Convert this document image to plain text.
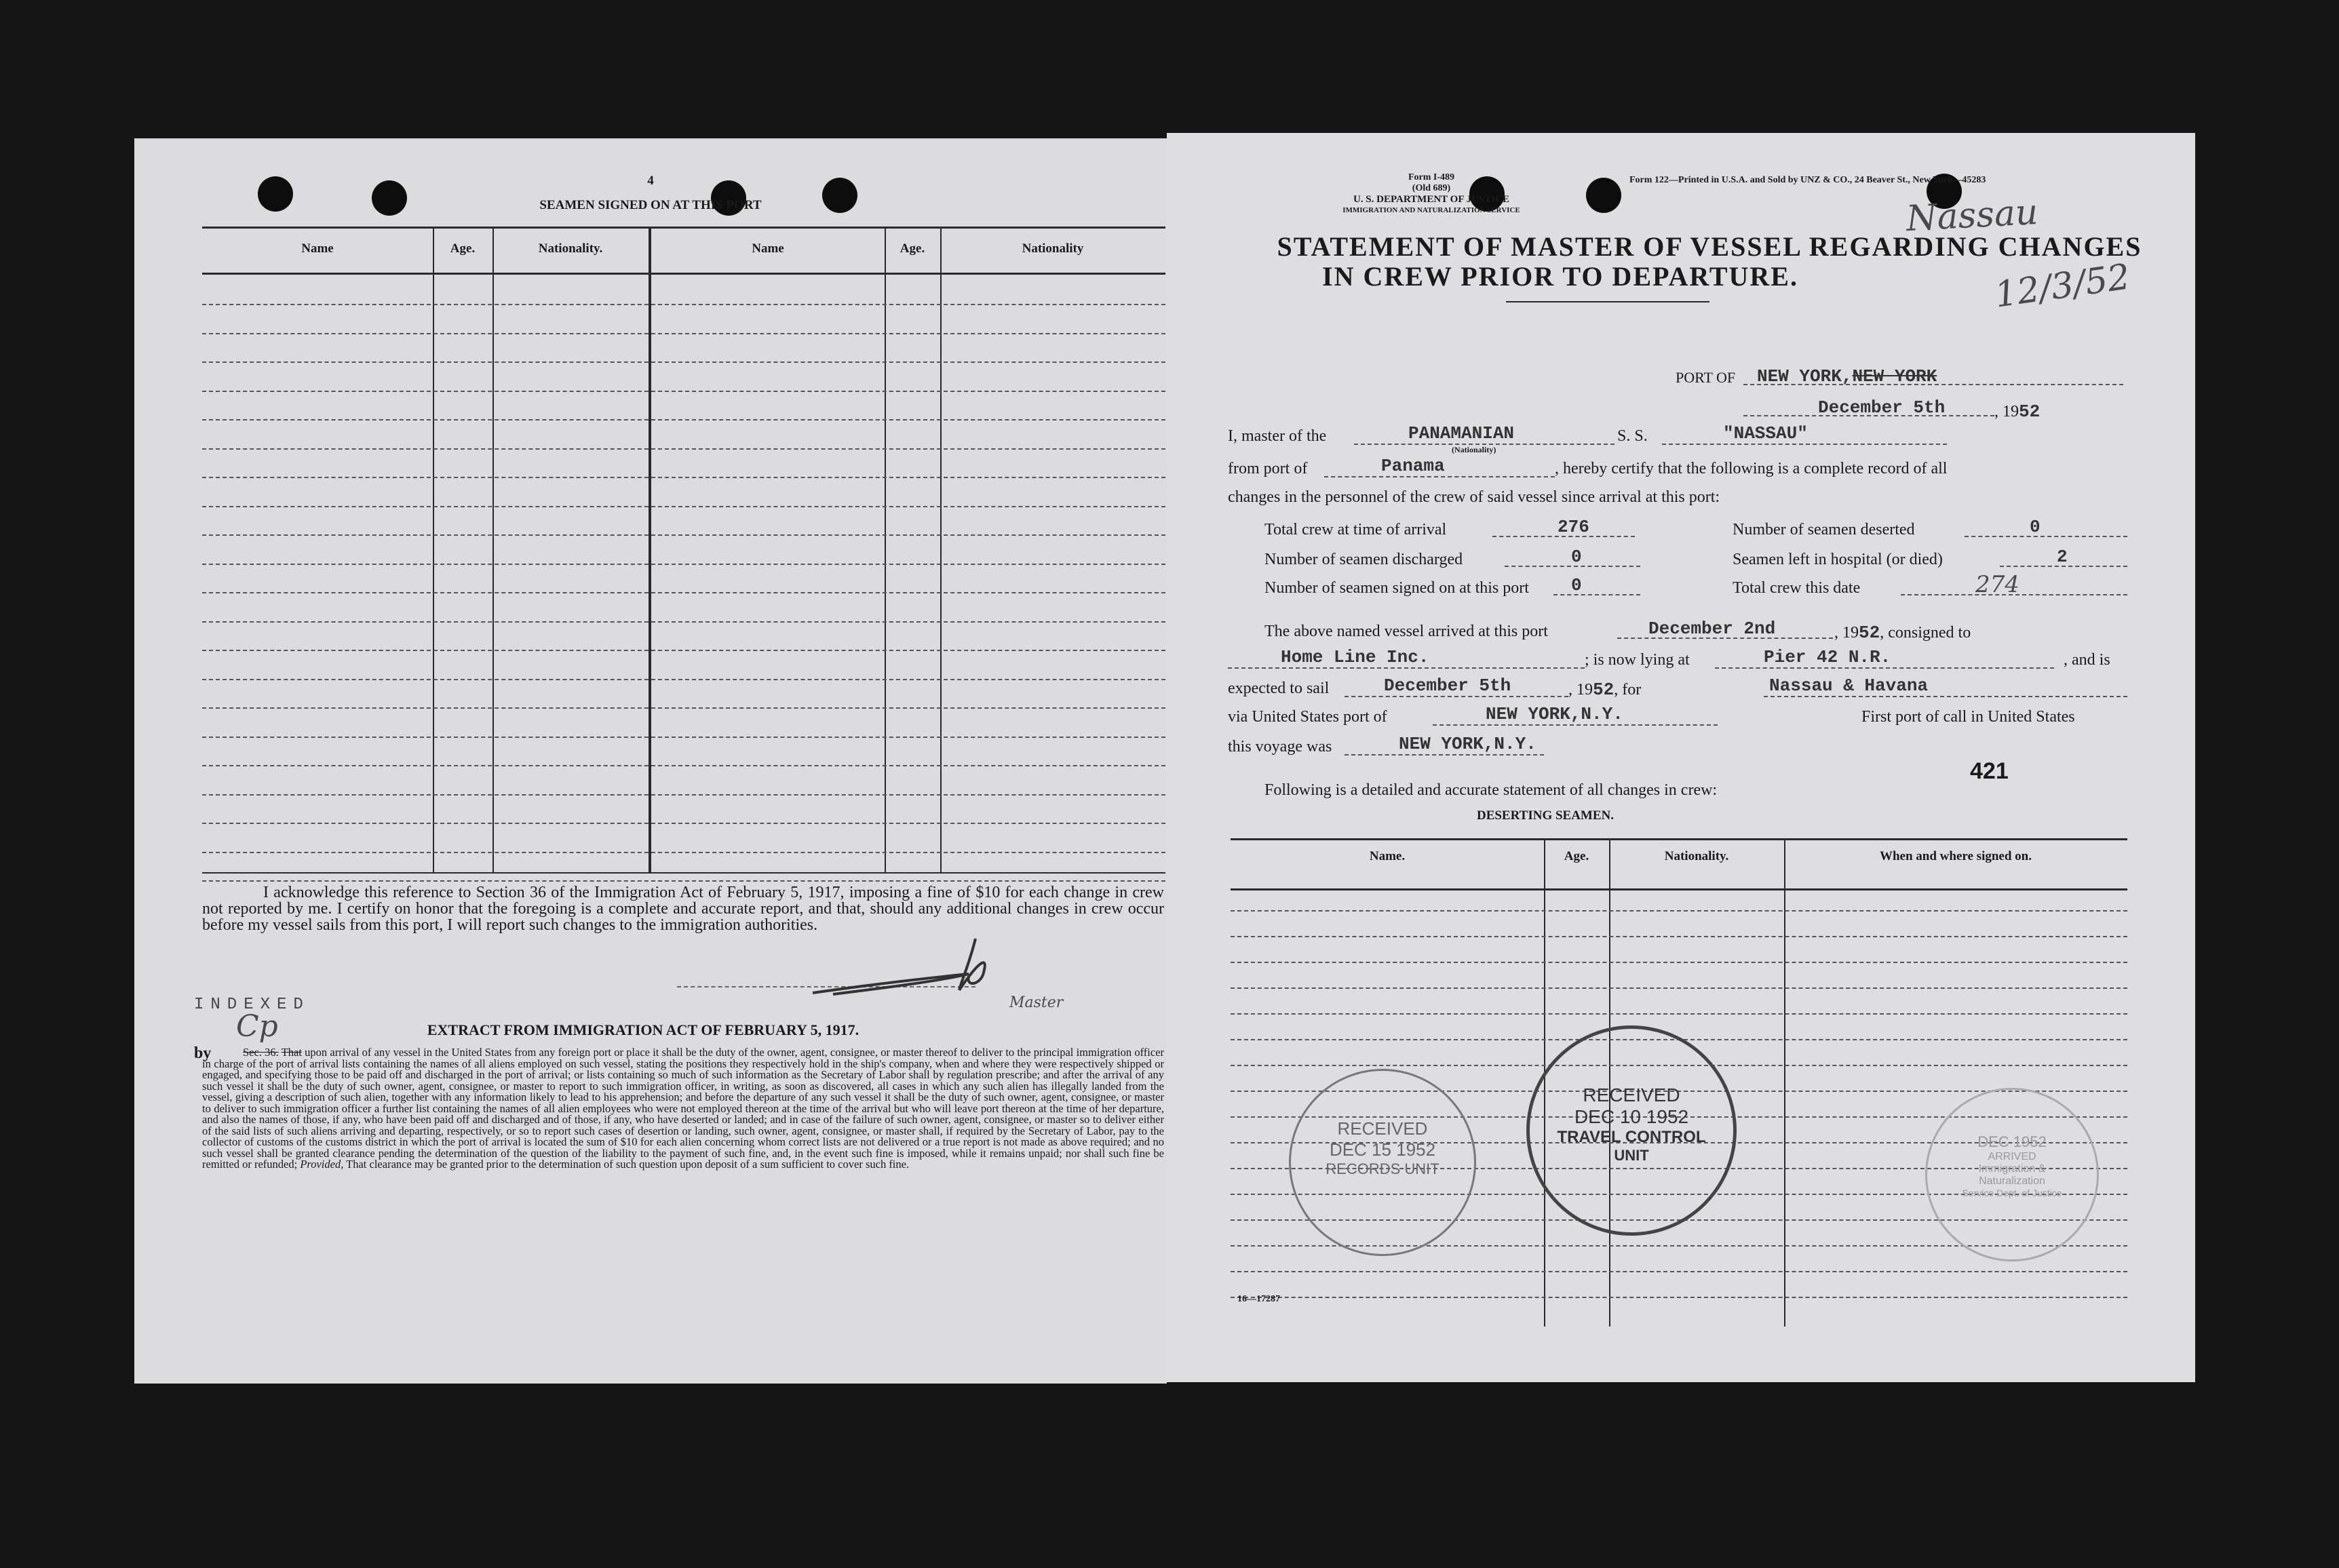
4
SEAMEN SIGNED ON AT THIS PORT
Name	Age.	Nationality.	Name	Age.	Nationality
I acknowledge this reference to Section 36 of the Immigration Act of February 5, 1917, imposing a fine of $10 for each change in crew not reported by me. I certify on honor that the foregoing is a complete and accurate report, and that, should any additional changes in crew occur before my vessel sails from this port, I will report such changes to the immigration authorities.
Master
INDEXED
by
Cp	EXTRACT FROM IMMIGRATION ACT OF FEBRUARY 5, 1917.
Sec. 36. That upon arrival of any vessel in the United States from any foreign port or place it shall be the duty of the owner, agent, consignee, or master thereof to deliver to the principal immigration officer in charge of the port of arrival lists containing the names of all aliens employed on such vessel, stating the positions they respectively hold in the ship's company, when and where they were respectively shipped or engaged, and specifying those to be paid off and discharged in the port of arrival; or lists containing so much of such information as the Secretary of Labor shall by regulation prescribe; and after the arrival of any such vessel it shall be the duty of such owner, agent, consignee, or master to report to such immigration officer, in writing, as soon as discovered, all cases in which any such alien has illegally landed from the vessel, giving a description of such alien, together with any information likely to lead to his apprehension; and before the departure of any such vessel it shall be the duty of such owner, agent, consignee, or master to deliver to such immigration officer a further list containing the names of all alien employees who were not employed thereon at the time of the arrival but who will leave port thereon at the time of her departure, and also the names of those, if any, who have been paid off and discharged and of those, if any, who have deserted or landed; and in case of the failure of such owner, agent, consignee, or master so to deliver either of the said lists of such aliens arriving and departing, respectively, or so to report such cases of desertion or landing, such owner, agent, consignee, or master shall, if required by the Secretary of Labor, pay to the collector of customs of the customs district in which the port of arrival is located the sum of $10 for each alien concerning whom correct lists are not delivered or a true report is not made as above required; and no such vessel shall be granted clearance pending the determination of the question of the liability to the payment of such fine, and, in the event such fine is imposed, while it remains unpaid; nor shall such fine be remitted or refunded; Provided, That clearance may be granted prior to the determination of such question upon deposit of a sum sufficient to cover such fine.
Form I-489
(Old 689)
U. S. DEPARTMENT OF JUSTICE
IMMIGRATION AND NATURALIZATION SERVICE
Form 122—Printed in U.S.A. and Sold by UNZ & CO., 24 Beaver St., New York—45283
STATEMENT OF MASTER OF VESSEL REGARDING CHANGES
IN CREW PRIOR TO DEPARTURE.
Nassau
12/3/52
PORT OF NEW YORK,NEW YORK
December 5th	, 1952
I, master of the	PANAMANIAN
(Nationality)
S. S.	"NASSAU"
from port of	Panama	, hereby certify that the following is a complete record of all
changes in the personnel of the crew of said vessel since arrival at this port:
Total crew at time of arrival	276	Number of seamen deserted	0
Number of seamen discharged	0	Seamen left in hospital (or died)	2
Number of seamen signed on at this port 0	Total crew this date	274
The above named vessel arrived at this port	December 2nd	, 1952, consigned to
Home Line Inc.	; is now lying at	Pier 42 N.R.	, and is
expected to sail	December 5th	, 1952, for	Nassau & Havana
via United States port of	NEW YORK,N.Y.	First port of call in United States
this voyage was	NEW YORK,N.Y.
421
Following is a detailed and accurate statement of all changes in crew:
DESERTING SEAMEN.
Name.	Age.	Nationality.	When and where signed on.
16—17287
RECEIVED
DEC 15 1952
RECORDS UNIT
RECEIVED
DEC 10 1952
TRAVEL CONTROL
UNIT
DEC 1952
ARRIVED
Immigration &
Naturalization
Service Dept. of Justice
